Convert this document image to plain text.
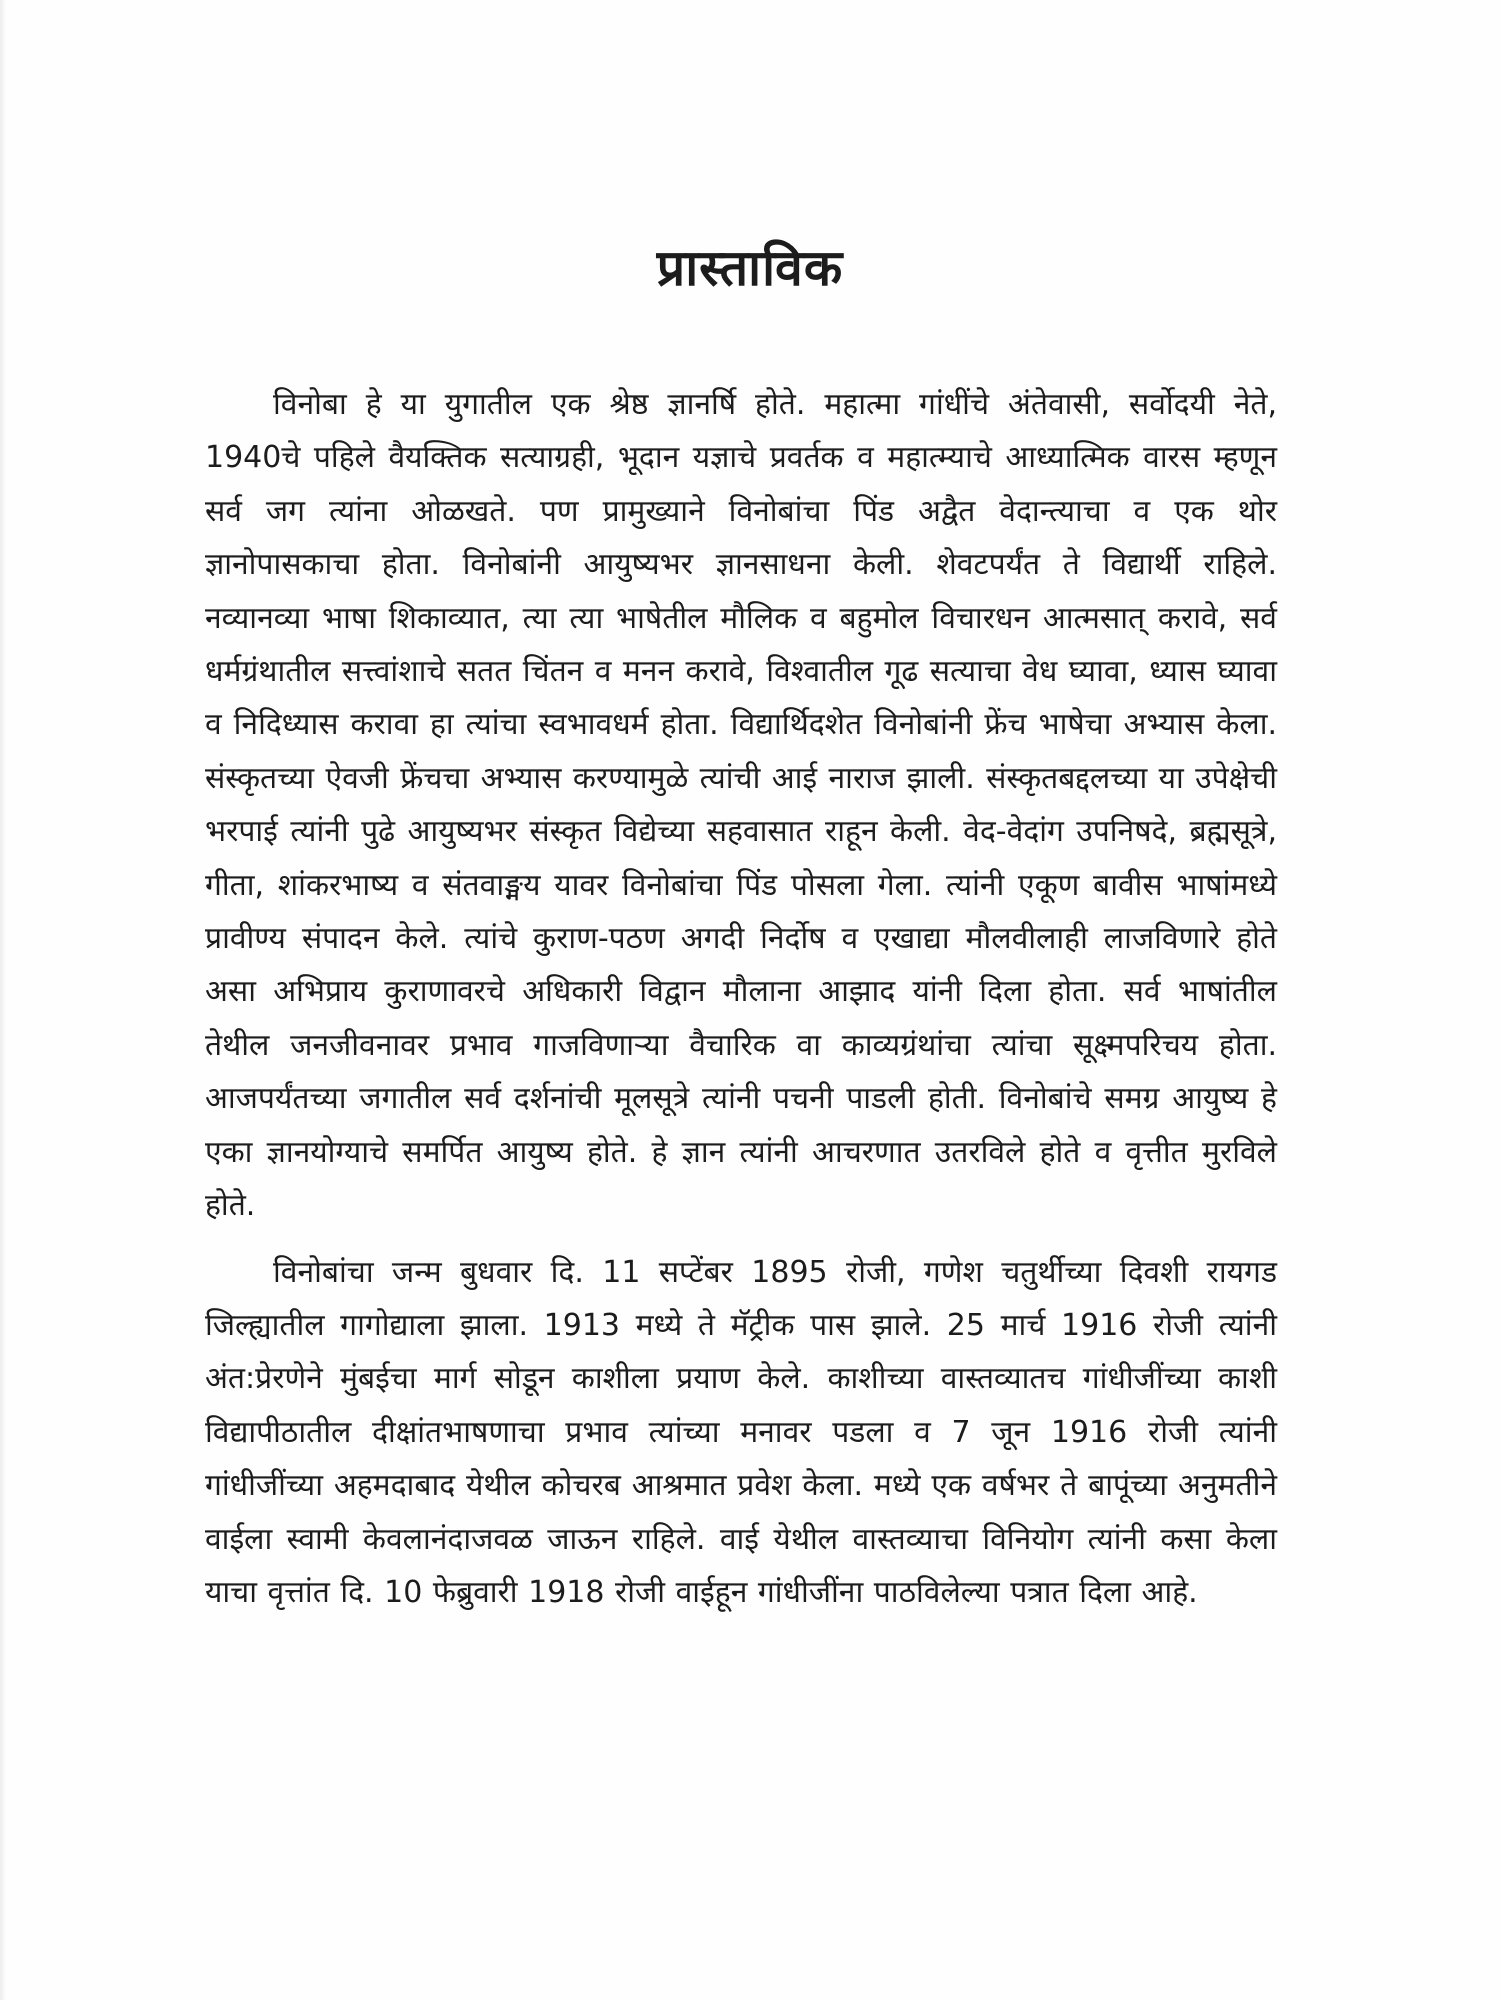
प्रास्ताविक

विनोबा हे या युगातील एक श्रेष्ठ ज्ञानर्षि होते. महात्मा गांधींचे अंतेवासी, सर्वोदयी नेते, 1940चे पहिले वैयक्तिक सत्याग्रही, भूदान यज्ञाचे प्रवर्तक व महात्म्याचे आध्यात्मिक वारस म्हणून सर्व जग त्यांना ओळखते. पण प्रामुख्याने विनोबांचा पिंड अद्वैत वेदान्त्याचा व एक थोर ज्ञानोपासकाचा होता. विनोबांनी आयुष्यभर ज्ञानसाधना केली. शेवटपर्यंत ते विद्यार्थी राहिले. नव्यानव्या भाषा शिकाव्यात, त्या त्या भाषेतील मौलिक व बहुमोल विचारधन आत्मसात् करावे, सर्व धर्मग्रंथातील सत्त्वांशाचे सतत चिंतन व मनन करावे, विश्वातील गूढ सत्याचा वेध घ्यावा, ध्यास घ्यावा व निदिध्यास करावा हा त्यांचा स्वभावधर्म होता. विद्यार्थिदशेत विनोबांनी फ्रेंच भाषेचा अभ्यास केला. संस्कृतच्या ऐवजी फ्रेंचचा अभ्यास करण्यामुळे त्यांची आई नाराज झाली. संस्कृतबद्दलच्या या उपेक्षेची भरपाई त्यांनी पुढे आयुष्यभर संस्कृत विद्येच्या सहवासात राहून केली. वेद-वेदांग उपनिषदे, ब्रह्मसूत्रे, गीता, शांकरभाष्य व संतवाङ्मय यावर विनोबांचा पिंड पोसला गेला. त्यांनी एकूण बावीस भाषांमध्ये प्रावीण्य संपादन केले. त्यांचे कुराण-पठण अगदी निर्दोष व एखाद्या मौलवीलाही लाजविणारे होते असा अभिप्राय कुराणावरचे अधिकारी विद्वान मौलाना आझाद यांनी दिला होता. सर्व भाषांतील तेथील जनजीवनावर प्रभाव गाजविणाऱ्या वैचारिक वा काव्यग्रंथांचा त्यांचा सूक्ष्मपरिचय होता. आजपर्यंतच्या जगातील सर्व दर्शनांची मूलसूत्रे त्यांनी पचनी पाडली होती. विनोबांचे समग्र आयुष्य हे एका ज्ञानयोग्याचे समर्पित आयुष्य होते. हे ज्ञान त्यांनी आचरणात उतरविले होते व वृत्तीत मुरविले होते.

विनोबांचा जन्म बुधवार दि. 11 सप्टेंबर 1895 रोजी, गणेश चतुर्थीच्या दिवशी रायगड जिल्ह्यातील गागोद्याला झाला. 1913 मध्ये ते मॅट्रीक पास झाले. 25 मार्च 1916 रोजी त्यांनी अंत:प्रेरणेने मुंबईचा मार्ग सोडून काशीला प्रयाण केले. काशीच्या वास्तव्यातच गांधीजींच्या काशी विद्यापीठातील दीक्षांतभाषणाचा प्रभाव त्यांच्या मनावर पडला व 7 जून 1916 रोजी त्यांनी गांधीजींच्या अहमदाबाद येथील कोचरब आश्रमात प्रवेश केला. मध्ये एक वर्षभर ते बापूंच्या अनुमतीने वाईला स्वामी केवलानंदाजवळ जाऊन राहिले. वाई येथील वास्तव्याचा विनियोग त्यांनी कसा केला याचा वृत्तांत दि. 10 फेब्रुवारी 1918 रोजी वाईहून गांधीजींना पाठविलेल्या पत्रात दिला आहे.
